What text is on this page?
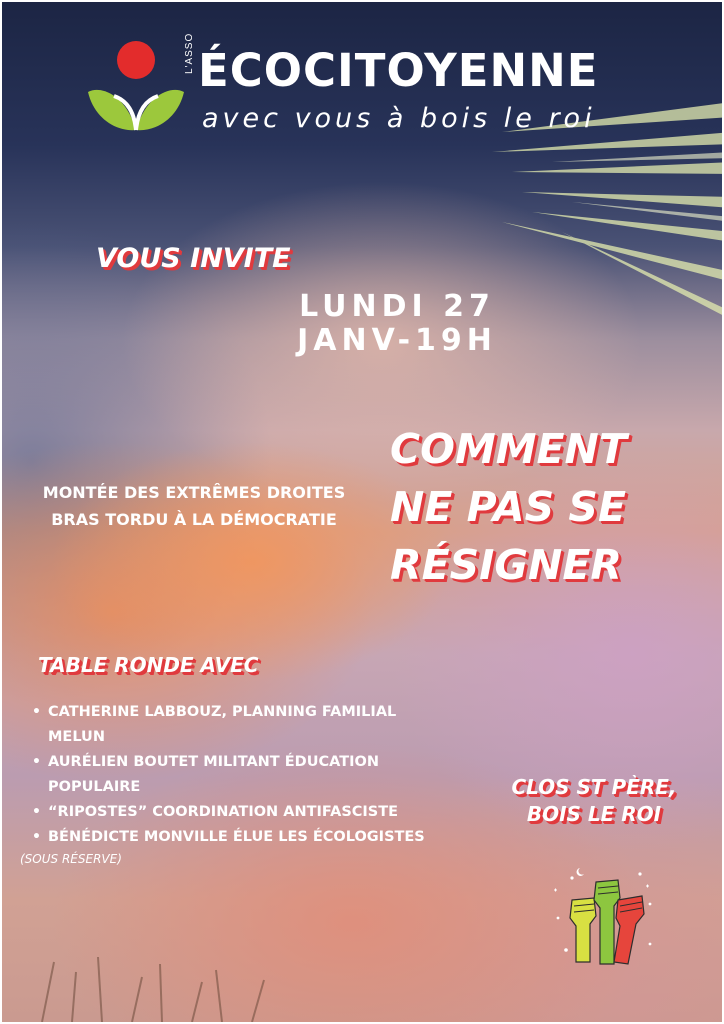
L'ASSO ÉCOCITOYENNE
avec vous à bois le roi
VOUS INVITE
LUNDI 27
JANV-19H
COMMENT
NE PAS SE
RÉSIGNER
MONTÉE DES EXTRÊMES DROITES
BRAS TORDU À LA DÉMOCRATIE
TABLE RONDE AVEC
• CATHERINE LABBOUZ, PLANNING FAMILIAL
MELUN
• AURÉLIEN BOUTET MILITANT ÉDUCATION
POPULAIRE
• “RIPOSTES” COORDINATION ANTIFASCISTE
• BÉNÉDICTE MONVILLE ÉLUE LES ÉCOLOGISTES
(SOUS RÉSERVE)
CLOS ST PÈRE,
BOIS LE ROI
